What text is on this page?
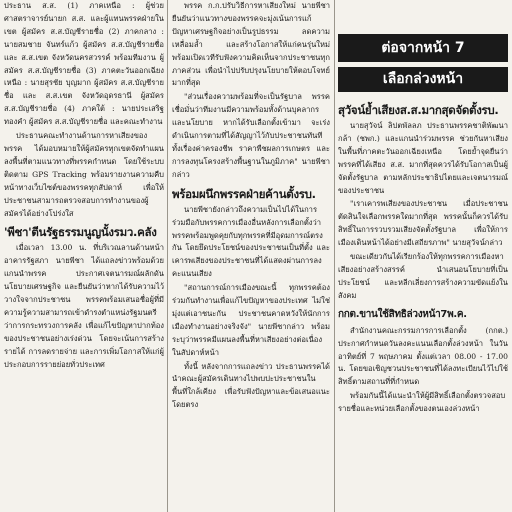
ประธาน ส.ส. (1) ภาคเหนือ : ผู้ช่วยศาสตราจารย์นายก ส.ส. และผู้แทนพรรคฝ่ายในเขต ผู้สมัคร ส.ส.บัญชีรายชื่อ (2) ภาคกลาง : นายสมชาย จันทร์แก้ว ผู้สมัคร ส.ส.บัญชีรายชื่อ และ ส.ส.เขต จังหวัดนครสวรรค์ พร้อมทีมงาน ผู้สมัคร ส.ส.บัญชีรายชื่อ (3) ภาคตะวันออกเฉียงเหนือ : นายสุรชัย บุญมาก ผู้สมัคร ส.ส.บัญชีรายชื่อ และ ส.ส.เขต จังหวัดอุดรธานี ผู้สมัคร ส.ส.บัญชีรายชื่อ (4) ภาคใต้ : นายประเสริฐ ทองคำ ผู้สมัคร ส.ส.บัญชีรายชื่อ และคณะทำงาน

ประธานคณะทำงานด้านการหาเสียงของพรรค ได้มอบหมายให้ผู้สมัครทุกเขตจัดทำแผนลงพื้นที่ตามแนวทางที่พรรคกำหนด โดยใช้ระบบติดตาม GPS Tracking พร้อมรายงานความคืบหน้าทางเว็บไซต์ของพรรคทุกสัปดาห์ เพื่อให้ประชาชนสามารถตรวจสอบการทำงานของผู้สมัครได้อย่างโปร่งใส

'พีชา'ตีนรัฐธรรมนูญนั้งรมว.คลัง

เมื่อเวลา 13.00 น. ที่บริเวณลานด้านหน้าอาคารรัฐสภา นายพีชา ได้แถลงข่าวพร้อมด้วยแกนนำพรรค ประกาศเจตนารมณ์ผลักดันนโยบายเศรษฐกิจ และยืนยันว่าหากได้รับความไว้วางใจจากประชาชน พรรคพร้อมเสนอชื่อผู้ที่มีความรู้ความสามารถเข้าดำรงตำแหน่งรัฐมนตรีว่าการกระทรวงการคลัง เพื่อแก้ไขปัญหาปากท้องของประชาชนอย่างเร่งด่วน โดยจะเน้นการสร้างรายได้ การลดรายจ่าย และการเพิ่มโอกาสให้แก่ผู้ประกอบการรายย่อยทั่วประเทศ

พรรค ก.ก.ปรับวิธีการหาเสียงใหม่ นายพีชายืนยันว่าแนวทางของพรรคจะมุ่งเน้นการแก้ปัญหาเศรษฐกิจอย่างเป็นรูปธรรม ลดความเหลื่อมล้ำ และสร้างโอกาสให้แก่คนรุ่นใหม่ พร้อมเปิดเวทีรับฟังความคิดเห็นจากประชาชนทุกภาคส่วน เพื่อนำไปปรับปรุงนโยบายให้ตอบโจทย์มากที่สุด

"ส่วนเรื่องความพร้อมที่จะเป็นรัฐบาล พรรคเชื่อมั่นว่าทีมงานมีความพร้อมทั้งด้านบุคลากรและนโยบาย หากได้รับเลือกตั้งเข้ามา จะเร่งดำเนินการตามที่ได้สัญญาไว้กับประชาชนทันที ทั้งเรื่องค่าครองชีพ ราคาพืชผลการเกษตร และการลงทุนโครงสร้างพื้นฐานในภูมิภาค" นายพีชากล่าว

พร้อมผนึกพรรคฝ่ายค้านตั้งรบ.

นายพีชายังกล่าวถึงความเป็นไปได้ในการร่วมมือกับพรรคการเมืองอื่นหลังการเลือกตั้งว่า พรรคพร้อมพูดคุยกับทุกพรรคที่มีอุดมการณ์ตรงกัน โดยยึดประโยชน์ของประชาชนเป็นที่ตั้ง และเคารพเสียงของประชาชนที่ได้แสดงผ่านการลงคะแนนเสียง

"สถานการณ์การเมืองขณะนี้ ทุกพรรคต้องร่วมกันทำงานเพื่อแก้ไขปัญหาของประเทศ ไม่ใช่มุ่งแต่เอาชนะกัน ประชาชนคาดหวังให้นักการเมืองทำงานอย่างจริงจัง" นายพีชากล่าว พร้อมระบุว่าพรรคมีแผนลงพื้นที่หาเสียงอย่างต่อเนื่องในสัปดาห์หน้า

ทั้งนี้ หลังจากการแถลงข่าว ประธานพรรคได้นำคณะผู้สมัครเดินทางไปพบปะประชาชนในพื้นที่ใกล้เคียง เพื่อรับฟังปัญหาและข้อเสนอแนะโดยตรง

ต่อจากหน้า 7
เลือกล่วงหน้า
สุวัจน์ย้ำเสียงส.ส.มากสุดจัดตั้งรบ.

นายสุวัจน์ ลิปตพัลลภ ประธานพรรคชาติพัฒนากล้า (ชพก.) และแกนนำร่วมพรรค ช่วยกันหาเสียงในพื้นที่ภาคตะวันออกเฉียงเหนือ โดยย้ำจุดยืนว่าพรรคที่ได้เสียง ส.ส. มากที่สุดควรได้รับโอกาสเป็นผู้จัดตั้งรัฐบาล ตามหลักประชาธิปไตยและเจตนารมณ์ของประชาชน

"เราเคารพเสียงของประชาชน เมื่อประชาชนตัดสินใจเลือกพรรคใดมากที่สุด พรรคนั้นก็ควรได้รับสิทธิ์ในการรวบรวมเสียงจัดตั้งรัฐบาล เพื่อให้การเมืองเดินหน้าได้อย่างมีเสถียรภาพ" นายสุวัจน์กล่าว

ขณะเดียวกันได้เรียกร้องให้ทุกพรรคการเมืองหาเสียงอย่างสร้างสรรค์ นำเสนอนโยบายที่เป็นประโยชน์ และหลีกเลี่ยงการสร้างความขัดแย้งในสังคม

กกต.ขานใช้สิทธิล่วงหน้า7พ.ค.

สำนักงานคณะกรรมการการเลือกตั้ง (กกต.) ประกาศกำหนดวันลงคะแนนเลือกตั้งล่วงหน้า ในวันอาทิตย์ที่ 7 พฤษภาคม ตั้งแต่เวลา 08.00 - 17.00 น. โดยขอเชิญชวนประชาชนที่ได้ลงทะเบียนไว้ไปใช้สิทธิ์ตามสถานที่ที่กำหนด

พร้อมกันนี้ได้แนะนำให้ผู้มีสิทธิ์เลือกตั้งตรวจสอบรายชื่อและหน่วยเลือกตั้งของตนเองล่วงหน้า
